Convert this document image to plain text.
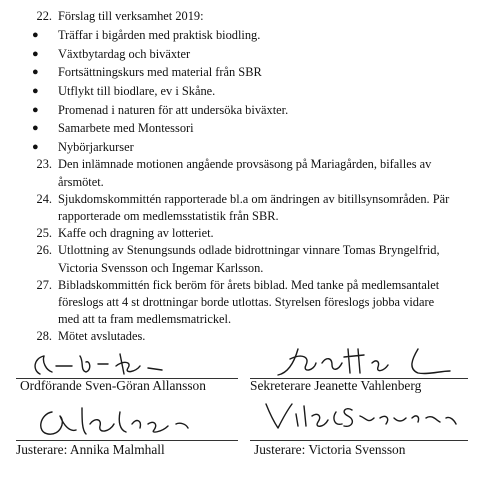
22. Förslag till verksamhet 2019:
● Träffar i bigården med praktisk biodling.
● Växtbytardag och biväxter
● Fortsättningskurs med material från SBR
● Utflykt till biodlare, ev i Skåne.
● Promenad i naturen för att undersöka biväxter.
● Samarbete med Montessori
● Nybörjarkurser
23. Den inlämnade motionen angående provsäsong på Mariagården, bifalles av årsmötet.
24. Sjukdomskommittén rapporterade bl.a om ändringen av bitillsynsområden. Pär rapporterade om medlemsstatistik från SBR.
25. Kaffe och dragning av lotteriet.
26. Utlottning av Stenungsunds odlade bidrottningar vinnare Tomas Bryngelfrid, Victoria Svensson och Ingemar Karlsson.
27. Bibladskommittén fick beröm för årets biblad. Med tanke på medlemsantalet föreslogs att 4 st drottningar borde utlottas. Styrelsen föreslogs jobba vidare med att ta fram medlemsmatrickel.
28. Mötet avslutades.
Ordförande Sven-Göran Allansson	Sekreterare Jeanette Vahlenberg
Justerare: Annika Malmhall	Justerare: Victoria Svensson
